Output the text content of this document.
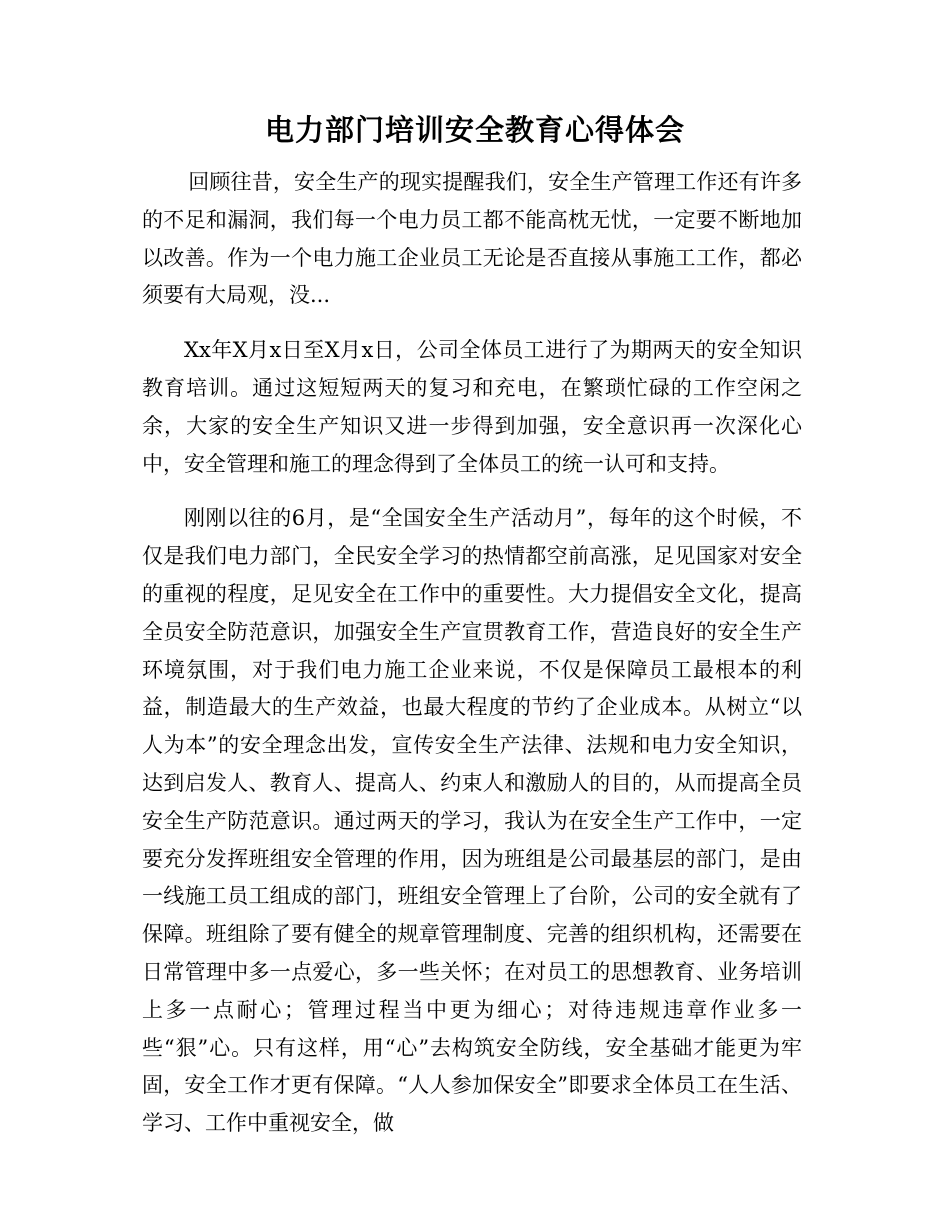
电力部门培训安全教育心得体会

回顾往昔，安全生产的现实提醒我们，安全生产管理工作还有许多的不足和漏洞，我们每一个电力员工都不能高枕无忧，一定要不断地加以改善。作为一个电力施工企业员工无论是否直接从事施工工作，都必须要有大局观，没...

Xx年X月x日至X月x日，公司全体员工进行了为期两天的安全知识教育培训。通过这短短两天的复习和充电，在繁琐忙碌的工作空闲之余，大家的安全生产知识又进一步得到加强，安全意识再一次深化心中，安全管理和施工的理念得到了全体员工的统一认可和支持。

刚刚以往的6月，是“全国安全生产活动月”，每年的这个时候，不仅是我们电力部门，全民安全学习的热情都空前高涨，足见国家对安全的重视的程度，足见安全在工作中的重要性。大力提倡安全文化，提高全员安全防范意识，加强安全生产宣贯教育工作，营造良好的安全生产环境氛围，对于我们电力施工企业来说，不仅是保障员工最根本的利益，制造最大的生产效益，也最大程度的节约了企业成本。从树立“以人为本”的安全理念出发，宣传安全生产法律、法规和电力安全知识，达到启发人、教育人、提高人、约束人和激励人的目的，从而提高全员安全生产防范意识。通过两天的学习，我认为在安全生产工作中，一定要充分发挥班组安全管理的作用，因为班组是公司最基层的部门，是由一线施工员工组成的部门，班组安全管理上了台阶，公司的安全就有了保障。班组除了要有健全的规章管理制度、完善的组织机构，还需要在日常管理中多一点爱心，多一些关怀；在对员工的思想教育、业务培训上多一点耐心；管理过程当中更为细心；对待违规违章作业多一些“狠”心。只有这样，用“心”去构筑安全防线，安全基础才能更为牢固，安全工作才更有保障。“人人参加保安全”即要求全体员工在生活、学习、工作中重视安全，做
